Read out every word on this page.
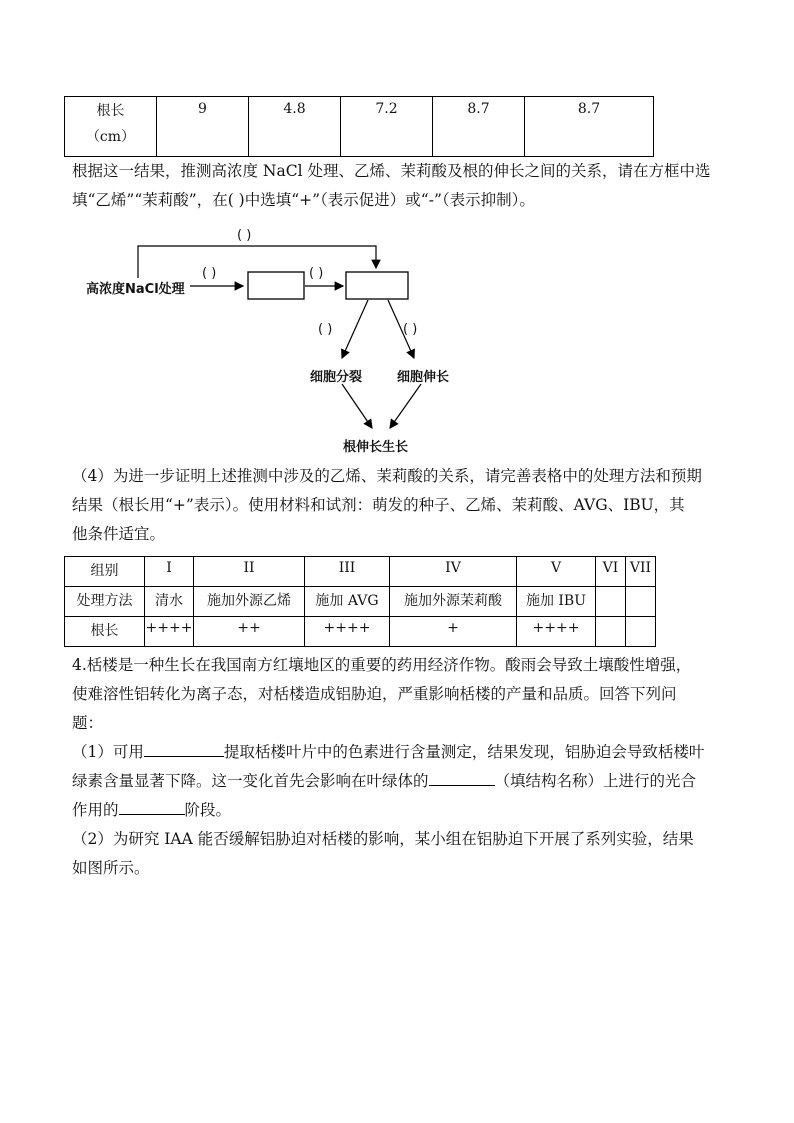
根长
（cm）
	9	4.8	7.2	8.7	8.7
根据这一结果，推测高浓度 NaCl 处理、乙烯、茉莉酸及根的伸长之间的关系，请在方框中选
填“乙烯”“茉莉酸”，在( )中选填“+”（表示促进）或“-”（表示抑制）。
( )
高浓度NaCl处理
( )	( )
( )	( )
细胞分裂	细胞伸长
根伸长生长
（4）为进一步证明上述推测中涉及的乙烯、茉莉酸的关系，请完善表格中的处理方法和预期
结果（根长用“+”表示）。使用材料和试剂：萌发的种子、乙烯、茉莉酸、AVG、IBU，其
他条件适宜。
组别	I	II	III	IV	V	VI	VII
处理方法	清水	施加外源乙烯	施加 AVG	施加外源茉莉酸	施加 IBU		
根长	++++	++	++++	+	++++		
4.栝楼是一种生长在我国南方红壤地区的重要的药用经济作物。酸雨会导致土壤酸性增强，
使难溶性铝转化为离子态，对栝楼造成铝胁迫，严重影响栝楼的产量和品质。回答下列问
题：
（1）可用	提取栝楼叶片中的色素进行含量测定，结果发现，铝胁迫会导致栝楼叶
绿素含量显著下降。这一变化首先会影响在叶绿体的	（填结构名称）上进行的光合
作用的	阶段。
（2）为研究 IAA 能否缓解铝胁迫对栝楼的影响，某小组在铝胁迫下开展了系列实验，结果
如图所示。
